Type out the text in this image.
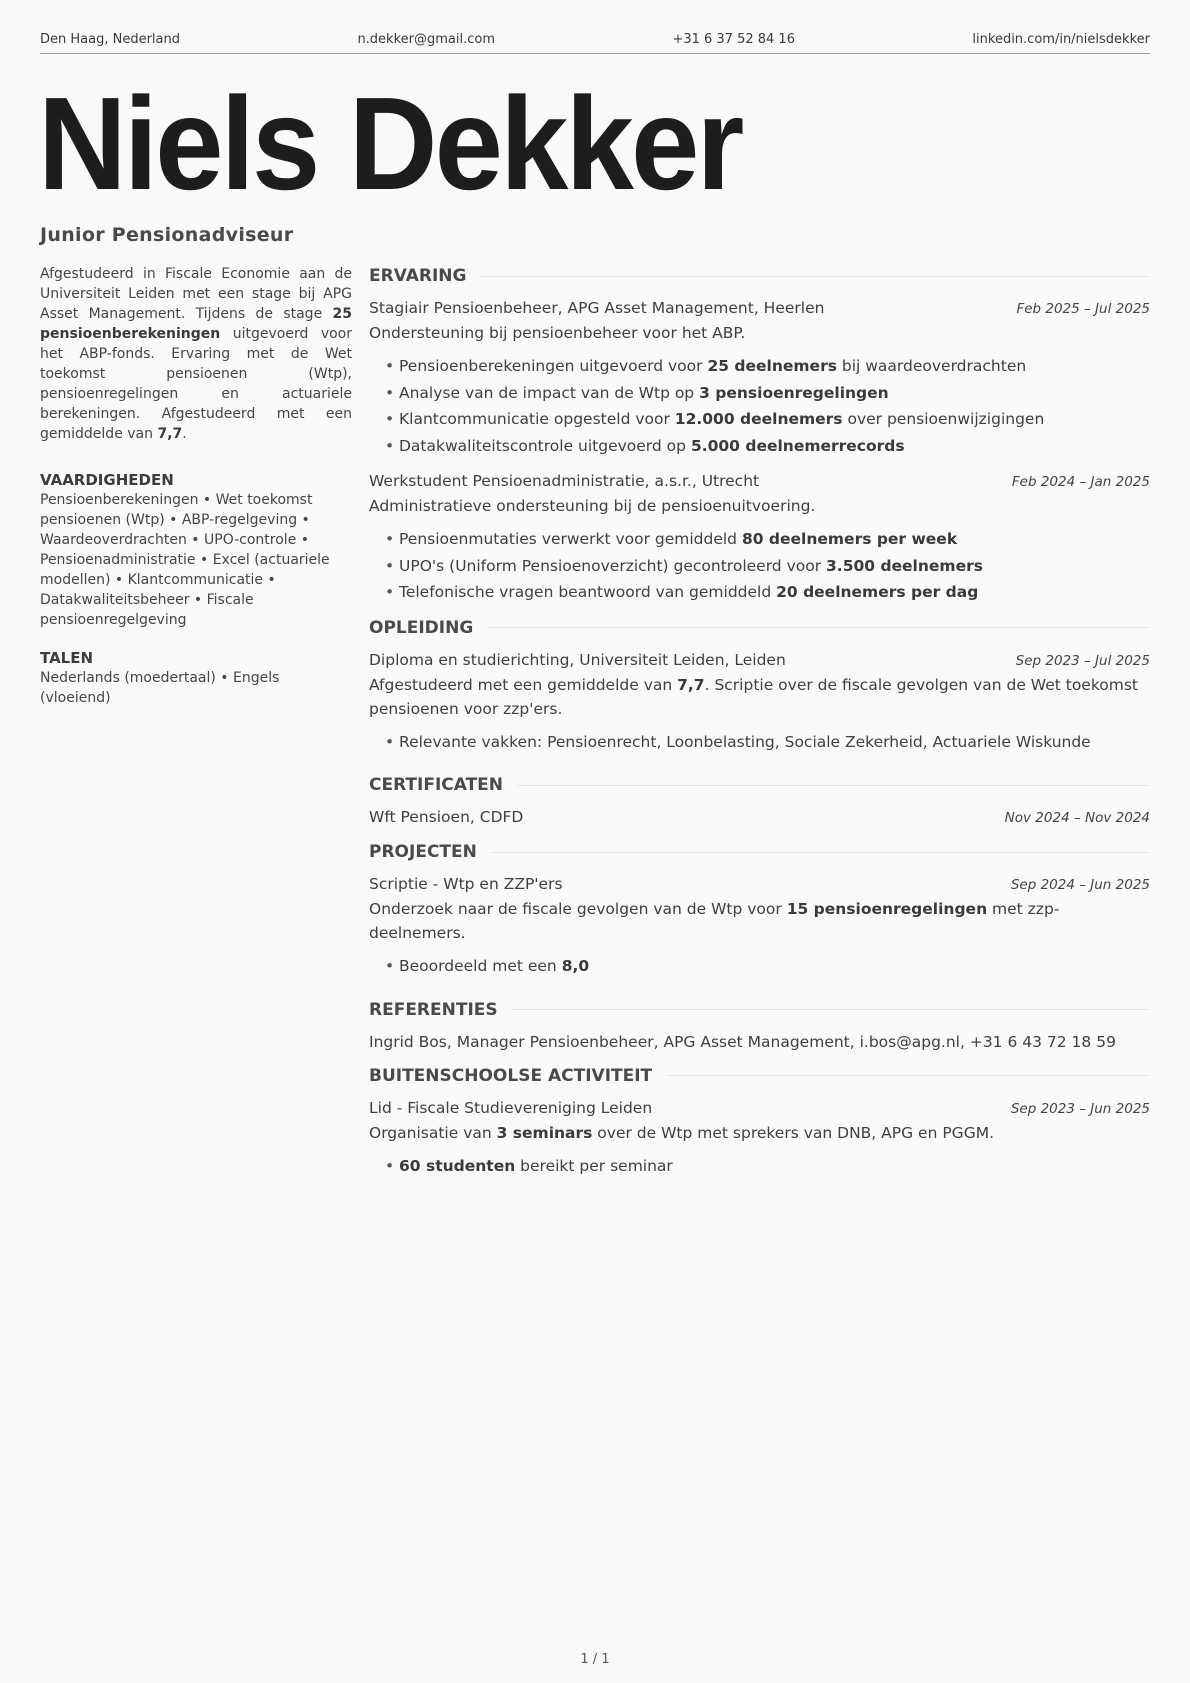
Den Haag, Nederland	n.dekker@gmail.com	+31 6 37 52 84 16	linkedin.com/in/nielsdekker
Niels Dekker
Junior Pensionadviseur
Afgestudeerd in Fiscale Economie aan de Universiteit Leiden met een stage bij APG Asset Management. Tijdens de stage 25 pensioenberekeningen uitgevoerd voor het ABP-fonds. Ervaring met de Wet toekomst pensioenen (Wtp), pensioenregelingen en actuariele berekeningen. Afgestudeerd met een gemiddelde van 7,7.
VAARDIGHEDEN
Pensioenberekeningen • Wet toekomst pensioenen (Wtp) • ABP-regelgeving • Waardeoverdrachten • UPO-controle • Pensioenadministratie • Excel (actuariele modellen) • Klantcommunicatie • Datakwaliteitsbeheer • Fiscale pensioenregelgeving
TALEN
Nederlands (moedertaal) • Engels (vloeiend)
ERVARING
Stagiair Pensioenbeheer, APG Asset Management, Heerlen	Feb 2025 – Jul 2025
Ondersteuning bij pensioenbeheer voor het ABP.
• Pensioenberekeningen uitgevoerd voor 25 deelnemers bij waardeoverdrachten
• Analyse van de impact van de Wtp op 3 pensioenregelingen
• Klantcommunicatie opgesteld voor 12.000 deelnemers over pensioenwijzigingen
• Datakwaliteitscontrole uitgevoerd op 5.000 deelnemerrecords
Werkstudent Pensioenadministratie, a.s.r., Utrecht	Feb 2024 – Jan 2025
Administratieve ondersteuning bij de pensioenuitvoering.
• Pensioenmutaties verwerkt voor gemiddeld 80 deelnemers per week
• UPO's (Uniform Pensioenoverzicht) gecontroleerd voor 3.500 deelnemers
• Telefonische vragen beantwoord van gemiddeld 20 deelnemers per dag
OPLEIDING
Diploma en studierichting, Universiteit Leiden, Leiden	Sep 2023 – Jul 2025
Afgestudeerd met een gemiddelde van 7,7. Scriptie over de fiscale gevolgen van de Wet toekomst pensioenen voor zzp'ers.
• Relevante vakken: Pensioenrecht, Loonbelasting, Sociale Zekerheid, Actuariele Wiskunde
CERTIFICATEN
Wft Pensioen, CDFD	Nov 2024 – Nov 2024
PROJECTEN
Scriptie - Wtp en ZZP'ers	Sep 2024 – Jun 2025
Onderzoek naar de fiscale gevolgen van de Wtp voor 15 pensioenregelingen met zzp-deelnemers.
• Beoordeeld met een 8,0
REFERENTIES
Ingrid Bos, Manager Pensioenbeheer, APG Asset Management, i.bos@apg.nl, +31 6 43 72 18 59
BUITENSCHOOLSE ACTIVITEIT
Lid - Fiscale Studievereniging Leiden	Sep 2023 – Jun 2025
Organisatie van 3 seminars over de Wtp met sprekers van DNB, APG en PGGM.
• 60 studenten bereikt per seminar
1 / 1
